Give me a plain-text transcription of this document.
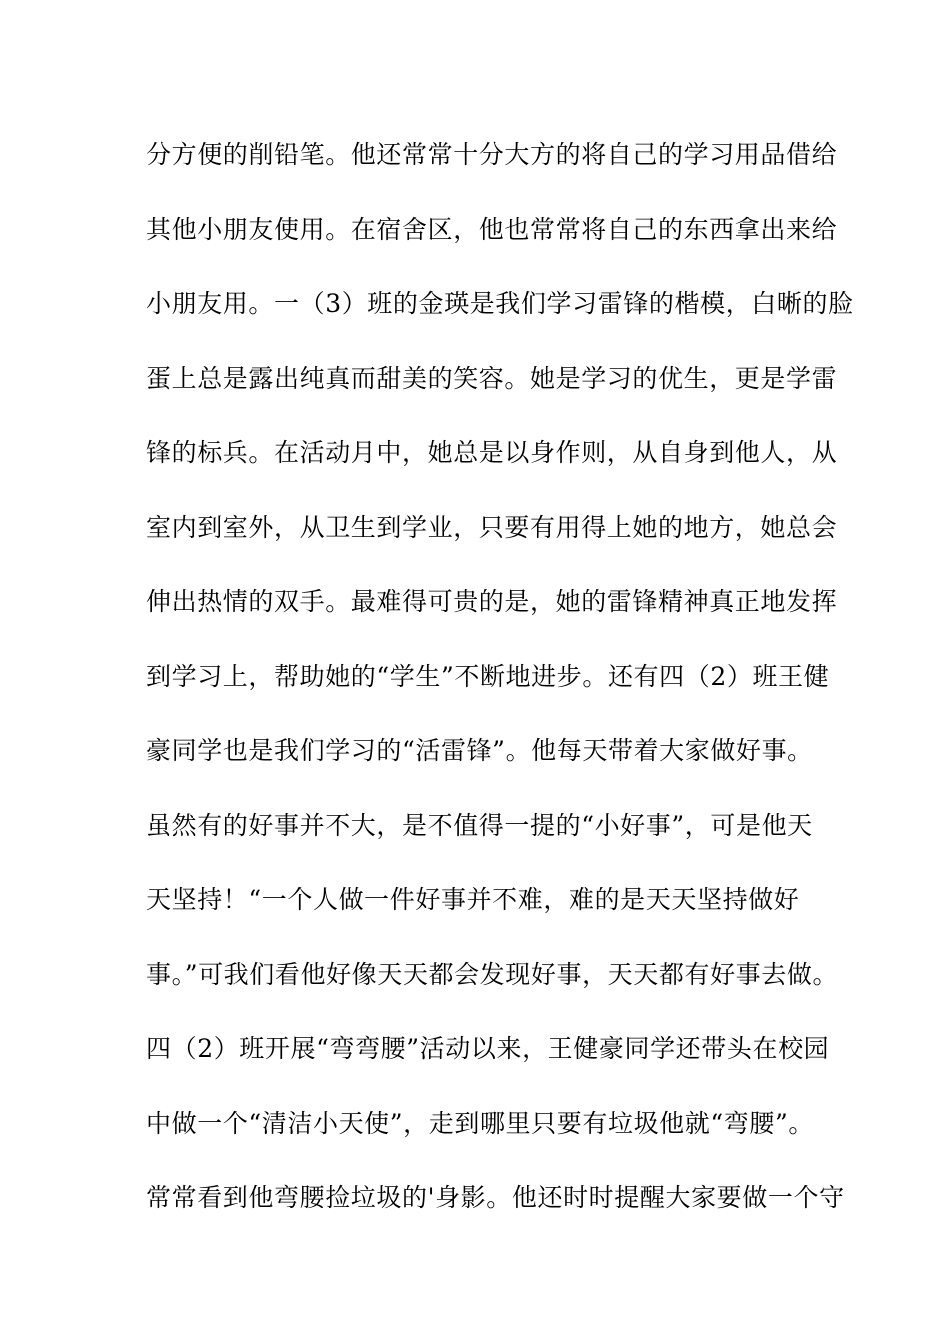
分方便的削铅笔。他还常常十分大方的将自己的学习用品借给
其他小朋友使用。在宿舍区，他也常常将自己的东西拿出来给
小朋友用。一（3）班的金瑛是我们学习雷锋的楷模，白晰的脸
蛋上总是露出纯真而甜美的笑容。她是学习的优生，更是学雷
锋的标兵。在活动月中，她总是以身作则，从自身到他人，从
室内到室外，从卫生到学业，只要有用得上她的地方，她总会
伸出热情的双手。最难得可贵的是，她的雷锋精神真正地发挥
到学习上，帮助她的“学生”不断地进步。还有四（2）班王健
豪同学也是我们学习的“活雷锋”。他每天带着大家做好事。
虽然有的好事并不大，是不值得一提的“小好事”，可是他天
天坚持！“一个人做一件好事并不难，难的是天天坚持做好
事。”可我们看他好像天天都会发现好事，天天都有好事去做。
四（2）班开展“弯弯腰”活动以来，王健豪同学还带头在校园
中做一个“清洁小天使”，走到哪里只要有垃圾他就“弯腰”。
常常看到他弯腰捡垃圾的'身影。他还时时提醒大家要做一个守
